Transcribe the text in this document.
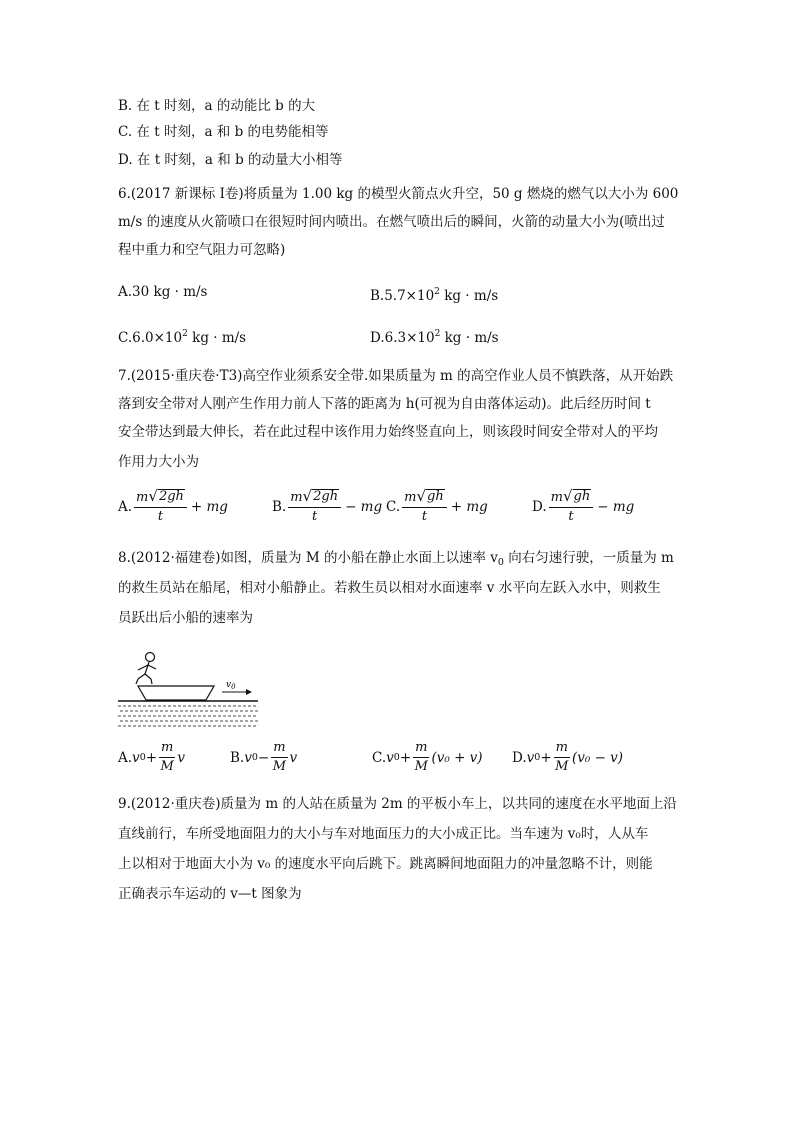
B. 在 t 时刻，a 的动能比 b 的大
C. 在 t 时刻，a 和 b 的电势能相等
D. 在 t 时刻，a 和 b 的动量大小相等
6.(2017 新课标 Ⅰ卷)将质量为 1.00 kg 的模型火箭点火升空，50 g 燃烧的燃气以大小为 600
m/s 的速度从火箭喷口在很短时间内喷出。在燃气喷出后的瞬间，火箭的动量大小为(喷出过
程中重力和空气阻力可忽略)
A.30 kg · m/s	$B.5.7\times 10^2$ kg · m/s
$C.6.0\times 10^2$ kg · m/s	$D.6.3\times 10^2$ kg · m/s
7.(2015·重庆卷·T3)高空作业须系安全带.如果质量为 m 的高空作业人员不慎跌落，从开始跌
落到安全带对人刚产生作用力前人下落的距离为 h(可视为自由落体运动)。此后经历时间 t
安全带达到最大伸长，若在此过程中该作用力始终竖直向上，则该段时间安全带对人的平均
作用力大小为
A. $\frac{m √ 2gh}{t}$ + mg	B. $\frac{m √ 2gh}{t}$ − mg C. $\frac{m √ gh}{t}$ + mg	D. $\frac{m √ gh}{t}$ − mg
8.(2012·福建卷)如图，质量为 M 的小船在静止水面上以速率 $v_0$ 向右匀速行驶，一质量为 m
的救生员站在船尾，相对小船静止。若救生员以相对水面速率 v 水平向左跃入水中，则救生
员跃出后小船的速率为
$v_0$
A. v $0 + \frac{m}{M}$ v	B. v $0 - \frac{m}{M}$ v	C. v $0 + \frac{m}{M} (v_0 + v)$ D. v $0 + \frac{m}{M} (v_0 - v)$
9.(2012·重庆卷)质量为 m 的人站在质量为 2m 的平板小车上，以共同的速度在水平地面上沿
直线前行，车所受地面阻力的大小与车对地面压力的大小成正比。当车速为 v₀时，人从车
上以相对于地面大小为 v₀ 的速度水平向后跳下。跳离瞬间地面阻力的冲量忽略不计，则能
正确表示车运动的 v—t 图象为
